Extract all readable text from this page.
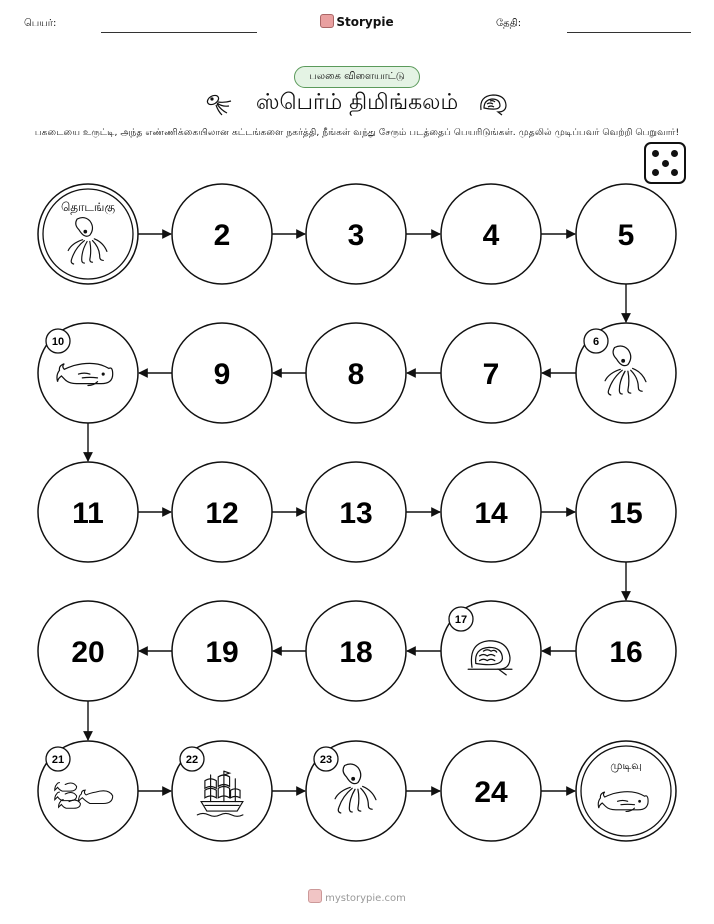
பெயர்:	Storypie	தேதி:
பலகை விளையாட்டு
ஸ்பெர்ம் திமிங்கலம்
பகடையை உருட்டி, அந்த எண்ணிக்கையிலான கட்டங்களை நகர்த்தி, நீங்கள் வந்து சேரும் படத்தைப் பெயரிடுங்கள். முதலில் முடிப்பவர் வெற்றி பெறுவார்!
தொடங்கு
2	3	4	5
6
7
8
9
10
11	12	13	14	15
16
17
18
19
20
21	22	23
24
முடிவு
mystorypie.com
